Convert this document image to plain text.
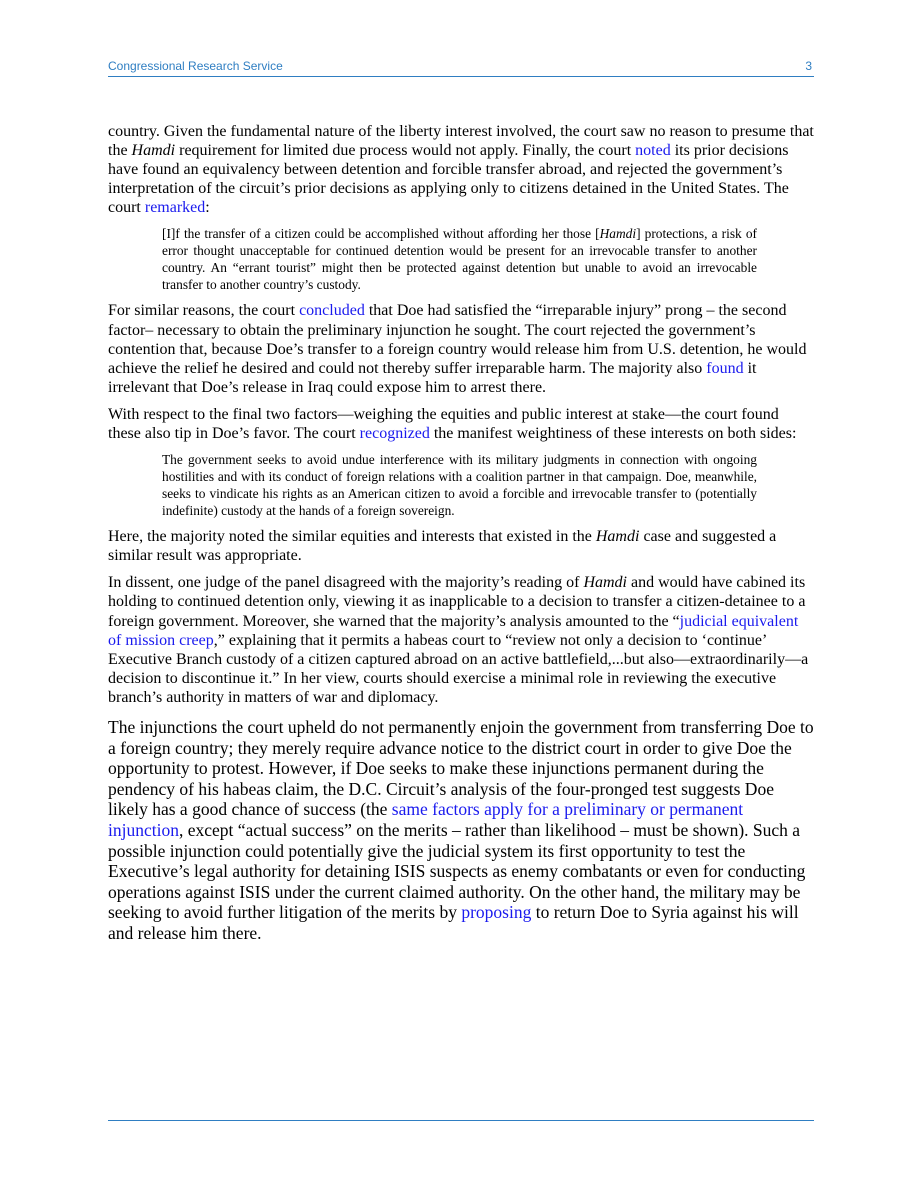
Congressional Research Service	3

country. Given the fundamental nature of the liberty interest involved, the court saw no reason to presume that the Hamdi requirement for limited due process would not apply. Finally, the court noted its prior decisions have found an equivalency between detention and forcible transfer abroad, and rejected the government’s interpretation of the circuit’s prior decisions as applying only to citizens detained in the United States. The court remarked:

[I]f the transfer of a citizen could be accomplished without affording her those [Hamdi] protections, a risk of error thought unacceptable for continued detention would be present for an irrevocable transfer to another country. An “errant tourist” might then be protected against detention but unable to avoid an irrevocable transfer to another country’s custody.

For similar reasons, the court concluded that Doe had satisfied the “irreparable injury” prong – the second factor– necessary to obtain the preliminary injunction he sought. The court rejected the government’s contention that, because Doe’s transfer to a foreign country would release him from U.S. detention, he would achieve the relief he desired and could not thereby suffer irreparable harm. The majority also found it irrelevant that Doe’s release in Iraq could expose him to arrest there.

With respect to the final two factors—weighing the equities and public interest at stake—the court found these also tip in Doe’s favor. The court recognized the manifest weightiness of these interests on both sides:

The government seeks to avoid undue interference with its military judgments in connection with ongoing hostilities and with its conduct of foreign relations with a coalition partner in that campaign. Doe, meanwhile, seeks to vindicate his rights as an American citizen to avoid a forcible and irrevocable transfer to (potentially indefinite) custody at the hands of a foreign sovereign.

Here, the majority noted the similar equities and interests that existed in the Hamdi case and suggested a similar result was appropriate.

In dissent, one judge of the panel disagreed with the majority’s reading of Hamdi and would have cabined its holding to continued detention only, viewing it as inapplicable to a decision to transfer a citizen-detainee to a foreign government. Moreover, she warned that the majority’s analysis amounted to the “judicial equivalent of mission creep,” explaining that it permits a habeas court to “review not only a decision to ‘continue’ Executive Branch custody of a citizen captured abroad on an active battlefield,...but also—extraordinarily—a decision to discontinue it.” In her view, courts should exercise a minimal role in reviewing the executive branch’s authority in matters of war and diplomacy.

The injunctions the court upheld do not permanently enjoin the government from transferring Doe to a foreign country; they merely require advance notice to the district court in order to give Doe the opportunity to protest. However, if Doe seeks to make these injunctions permanent during the pendency of his habeas claim, the D.C. Circuit’s analysis of the four-pronged test suggests Doe likely has a good chance of success (the same factors apply for a preliminary or permanent injunction, except “actual success” on the merits – rather than likelihood – must be shown). Such a possible injunction could potentially give the judicial system its first opportunity to test the Executive’s legal authority for detaining ISIS suspects as enemy combatants or even for conducting operations against ISIS under the current claimed authority. On the other hand, the military may be seeking to avoid further litigation of the merits by proposing to return Doe to Syria against his will and release him there.
